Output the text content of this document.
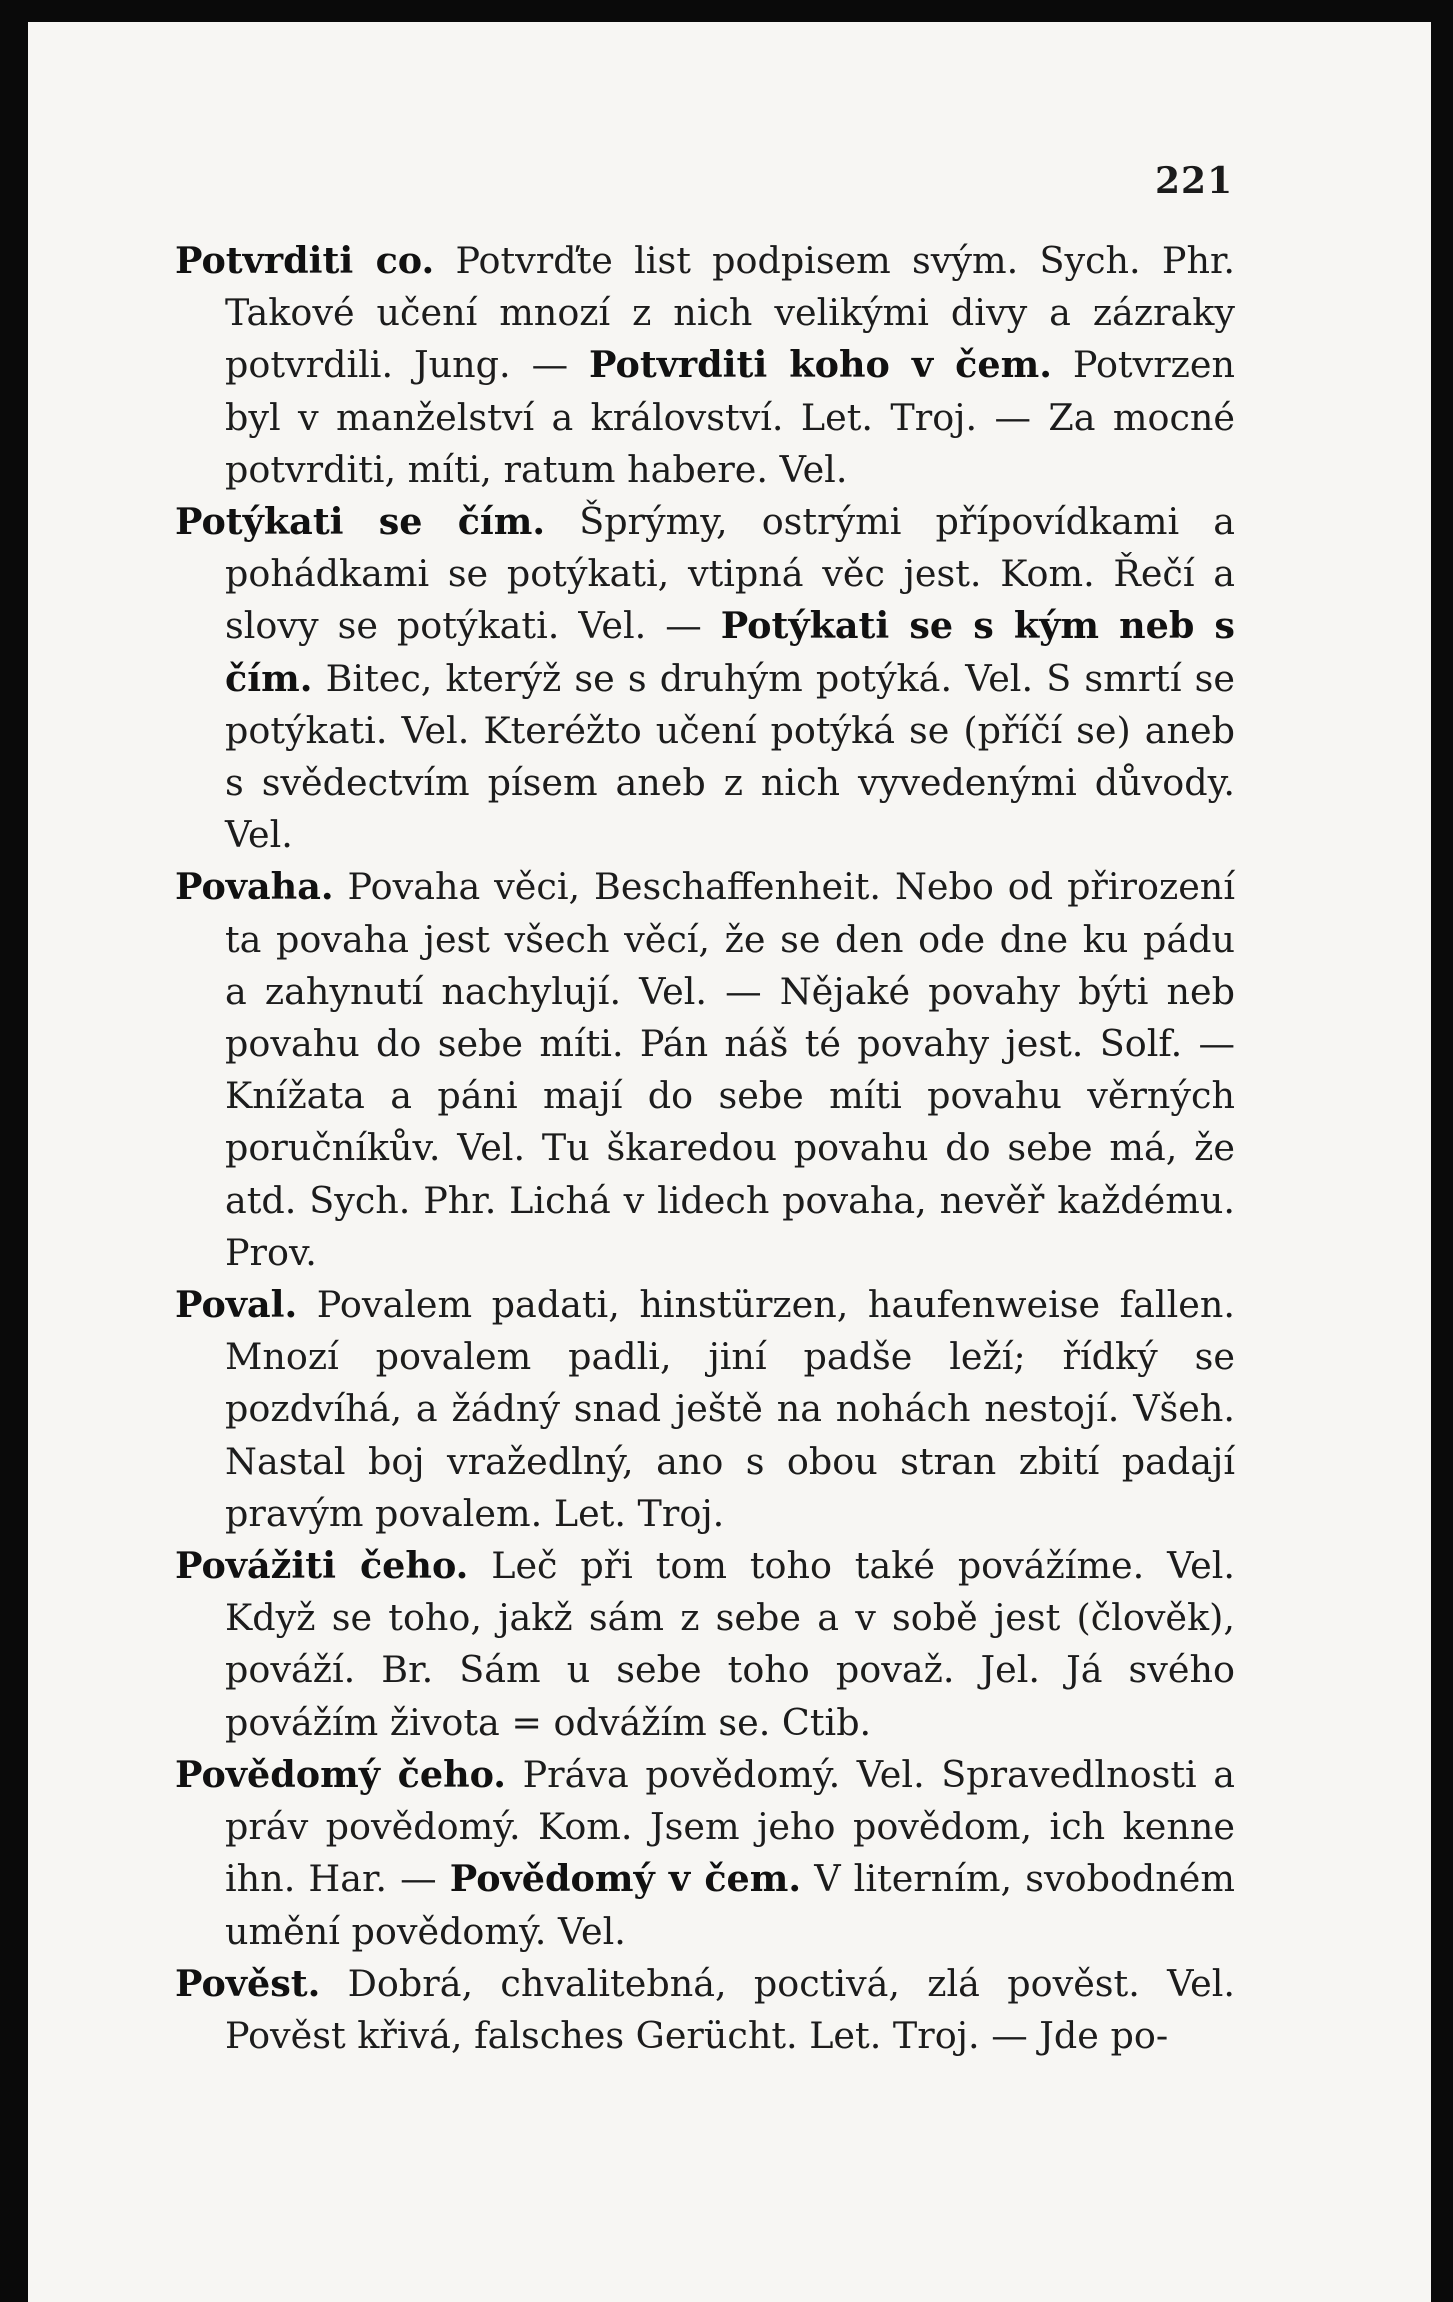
221

Potvrditi co. Potvrďte list podpisem svým. Sych. Phr. Takové učení mnozí z nich velikými divy a zázraky potvrdili. Jung. — Potvrditi koho v čem. Potvrzen byl v manželství a království. Let. Troj. — Za mocné potvrditi, míti, ratum habere. Vel.

Potýkati se čím. Šprýmy, ostrými přípovídkami a pohádkami se potýkati, vtipná věc jest. Kom. Řečí a slovy se potýkati. Vel. — Potýkati se s kým neb s čím. Bitec, kterýž se s druhým potýká. Vel. S smrtí se potýkati. Vel. Kteréžto učení potýká se (příčí se) aneb s svědectvím písem aneb z nich vyvedenými důvody. Vel.

Povaha. Povaha věci, Beschaffenheit. Nebo od přirození ta povaha jest všech věcí, že se den ode dne ku pádu a zahynutí nachylují. Vel. — Nějaké povahy býti neb povahu do sebe míti. Pán náš té povahy jest. Solf. — Knížata a páni mají do sebe míti povahu věrných poručníkův. Vel. Tu škaredou povahu do sebe má, že atd. Sych. Phr. Lichá v lidech povaha, nevěř každému. Prov.

Poval. Povalem padati, hinstürzen, haufenweise fallen. Mnozí povalem padli, jiní padše leží; řídký se pozdvíhá, a žádný snad ještě na nohách nestojí. Všeh. Nastal boj vražedlný, ano s obou stran zbití padají pravým povalem. Let. Troj.

Povážiti čeho. Leč při tom toho také povážíme. Vel. Když se toho, jakž sám z sebe a v sobě jest (člověk), pováží. Br. Sám u sebe toho považ. Jel. Já svého povážím života = odvážím se. Ctib.

Povědomý čeho. Práva povědomý. Vel. Spravedlnosti a práv povědomý. Kom. Jsem jeho povědom, ich kenne ihn. Har. — Povědomý v čem. V literním, svobodném umění povědomý. Vel.

Pověst. Dobrá, chvalitebná, poctivá, zlá pověst. Vel. Pověst křivá, falsches Gerücht. Let. Troj. — Jde po-
